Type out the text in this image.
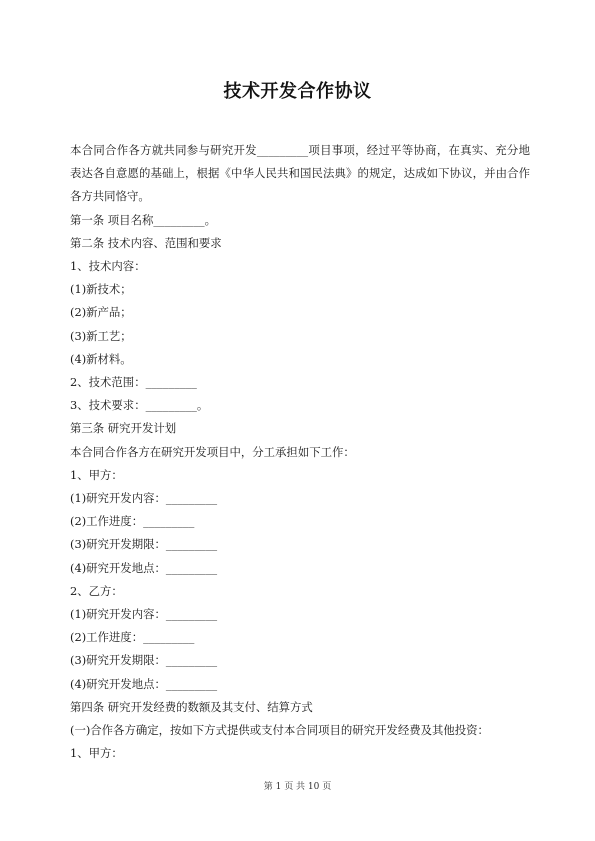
技术开发合作协议

本合同合作各方就共同参与研究开发_________项目事项，经过平等协商，在真实、充分地表达各自意愿的基础上，根据《中华人民共和国民法典》的规定，达成如下协议，并由合作各方共同恪守。

第一条 项目名称_________。

第二条 技术内容、范围和要求

1、技术内容：

(1)新技术；

(2)新产品；

(3)新工艺；

(4)新材料。

2、技术范围：_________

3、技术要求：_________。

第三条 研究开发计划

本合同合作各方在研究开发项目中，分工承担如下工作：

1、甲方：

(1)研究开发内容：_________

(2)工作进度：_________

(3)研究开发期限：_________

(4)研究开发地点：_________

2、乙方：

(1)研究开发内容：_________

(2)工作进度：_________

(3)研究开发期限：_________

(4)研究开发地点：_________

第四条 研究开发经费的数额及其支付、结算方式

(一)合作各方确定，按如下方式提供或支付本合同项目的研究开发经费及其他投资：

1、甲方：

第 1 页 共 10 页
